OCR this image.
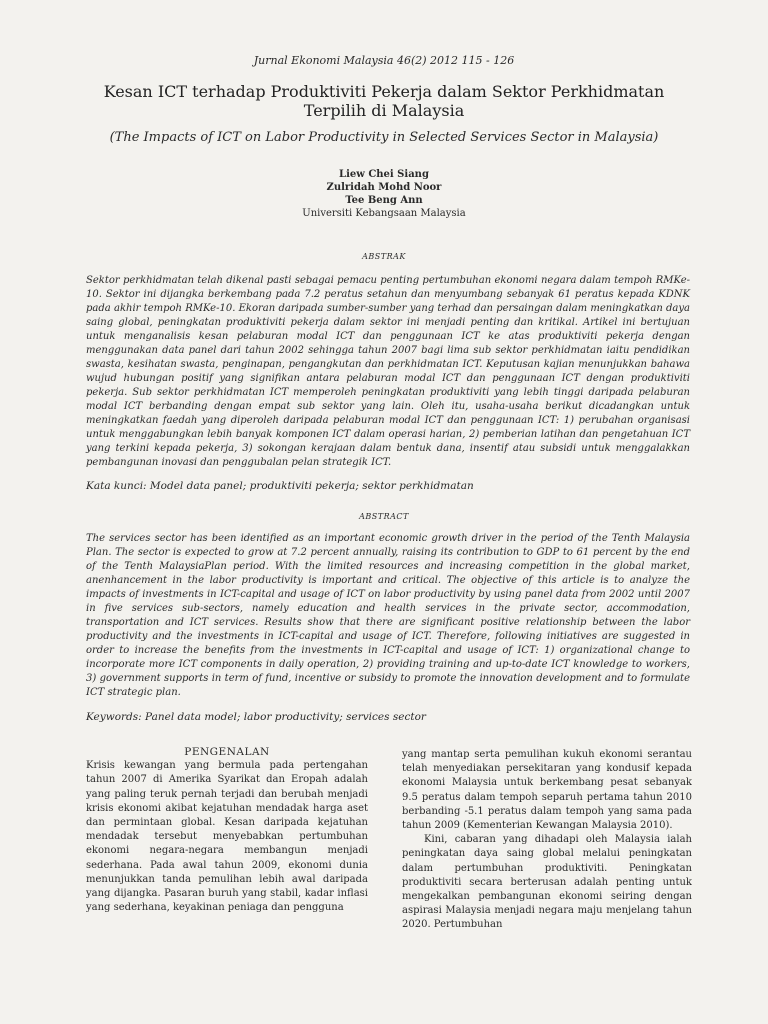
Jurnal Ekonomi Malaysia 46(2) 2012 115 - 126
Kesan ICT terhadap Produktiviti Pekerja dalam Sektor Perkhidmatan Terpilih di Malaysia
(The Impacts of ICT on Labor Productivity in Selected Services Sector in Malaysia)
Liew Chei Siang
Zulridah Mohd Noor
Tee Beng Ann
Universiti Kebangsaan Malaysia
ABSTRAK

Sektor perkhidmatan telah dikenal pasti sebagai pemacu penting pertumbuhan ekonomi negara dalam tempoh RMKe-10. Sektor ini dijangka berkembang pada 7.2 peratus setahun dan menyumbang sebanyak 61 peratus kepada KDNK pada akhir tempoh RMKe-10. Ekoran daripada sumber-sumber yang terhad dan persaingan dalam meningkatkan daya saing global, peningkatan produktiviti pekerja dalam sektor ini menjadi penting dan kritikal. Artikel ini bertujuan untuk menganalisis kesan pelaburan modal ICT dan penggunaan ICT ke atas produktiviti pekerja dengan menggunakan data panel dari tahun 2002 sehingga tahun 2007 bagi lima sub sektor perkhidmatan iaitu pendidikan swasta, kesihatan swasta, penginapan, pengangkutan dan perkhidmatan ICT. Keputusan kajian menunjukkan bahawa wujud hubungan positif yang signifikan antara pelaburan modal ICT dan penggunaan ICT dengan produktiviti pekerja. Sub sektor perkhidmatan ICT memperoleh peningkatan produktiviti yang lebih tinggi daripada pelaburan modal ICT berbanding dengan empat sub sektor yang lain. Oleh itu, usaha-usaha berikut dicadangkan untuk meningkatkan faedah yang diperoleh daripada pelaburan modal ICT dan penggunaan ICT: 1) perubahan organisasi untuk menggabungkan lebih banyak komponen ICT dalam operasi harian, 2) pemberian latihan dan pengetahuan ICT yang terkini kepada pekerja, 3) sokongan kerajaan dalam bentuk dana, insentif atau subsidi untuk menggalakkan pembangunan inovasi dan penggubalan pelan strategik ICT.

Kata kunci: Model data panel; produktiviti pekerja; sektor perkhidmatan
ABSTRACT

The services sector has been identified as an important economic growth driver in the period of the Tenth Malaysia Plan. The sector is expected to grow at 7.2 percent annually, raising its contribution to GDP to 61 percent by the end of the Tenth MalaysiaPlan period. With the limited resources and increasing competition in the global market, anenhancement in the labor productivity is important and critical. The objective of this article is to analyze the impacts of investments in ICT-capital and usage of ICT on labor productivity by using panel data from 2002 until 2007 in five services sub-sectors, namely education and health services in the private sector, accommodation, transportation and ICT services. Results show that there are significant positive relationship between the labor productivity and the investments in ICT-capital and usage of ICT. Therefore, following initiatives are suggested in order to increase the benefits from the investments in ICT-capital and usage of ICT: 1) organizational change to incorporate more ICT components in daily operation, 2) providing training and up-to-date ICT knowledge to workers, 3) government supports in term of fund, incentive or subsidy to promote the innovation development and to formulate ICT strategic plan.

Keywords: Panel data model; labor productivity; services sector

PENGENALAN

Krisis kewangan yang bermula pada pertengahan tahun 2007 di Amerika Syarikat dan Eropah adalah yang paling teruk pernah terjadi dan berubah menjadi krisis ekonomi akibat kejatuhan mendadak harga aset dan permintaan global. Kesan daripada kejatuhan mendadak tersebut menyebabkan pertumbuhan ekonomi negara-negara membangun menjadi sederhana. Pada awal tahun 2009, ekonomi dunia menunjukkan tanda pemulihan lebih awal daripada yang dijangka. Pasaran buruh yang stabil, kadar inflasi yang sederhana, keyakinan peniaga dan pengguna

yang mantap serta pemulihan kukuh ekonomi serantau telah menyediakan persekitaran yang kondusif kepada ekonomi Malaysia untuk berkembang pesat sebanyak 9.5 peratus dalam tempoh separuh pertama tahun 2010 berbanding -5.1 peratus dalam tempoh yang sama pada tahun 2009 (Kementerian Kewangan Malaysia 2010).

Kini, cabaran yang dihadapi oleh Malaysia ialah peningkatan daya saing global melalui peningkatan dalam pertumbuhan produktiviti. Peningkatan produktiviti secara berterusan adalah penting untuk mengekalkan pembangunan ekonomi seiring dengan aspirasi Malaysia menjadi negara maju menjelang tahun 2020. Pertumbuhan
